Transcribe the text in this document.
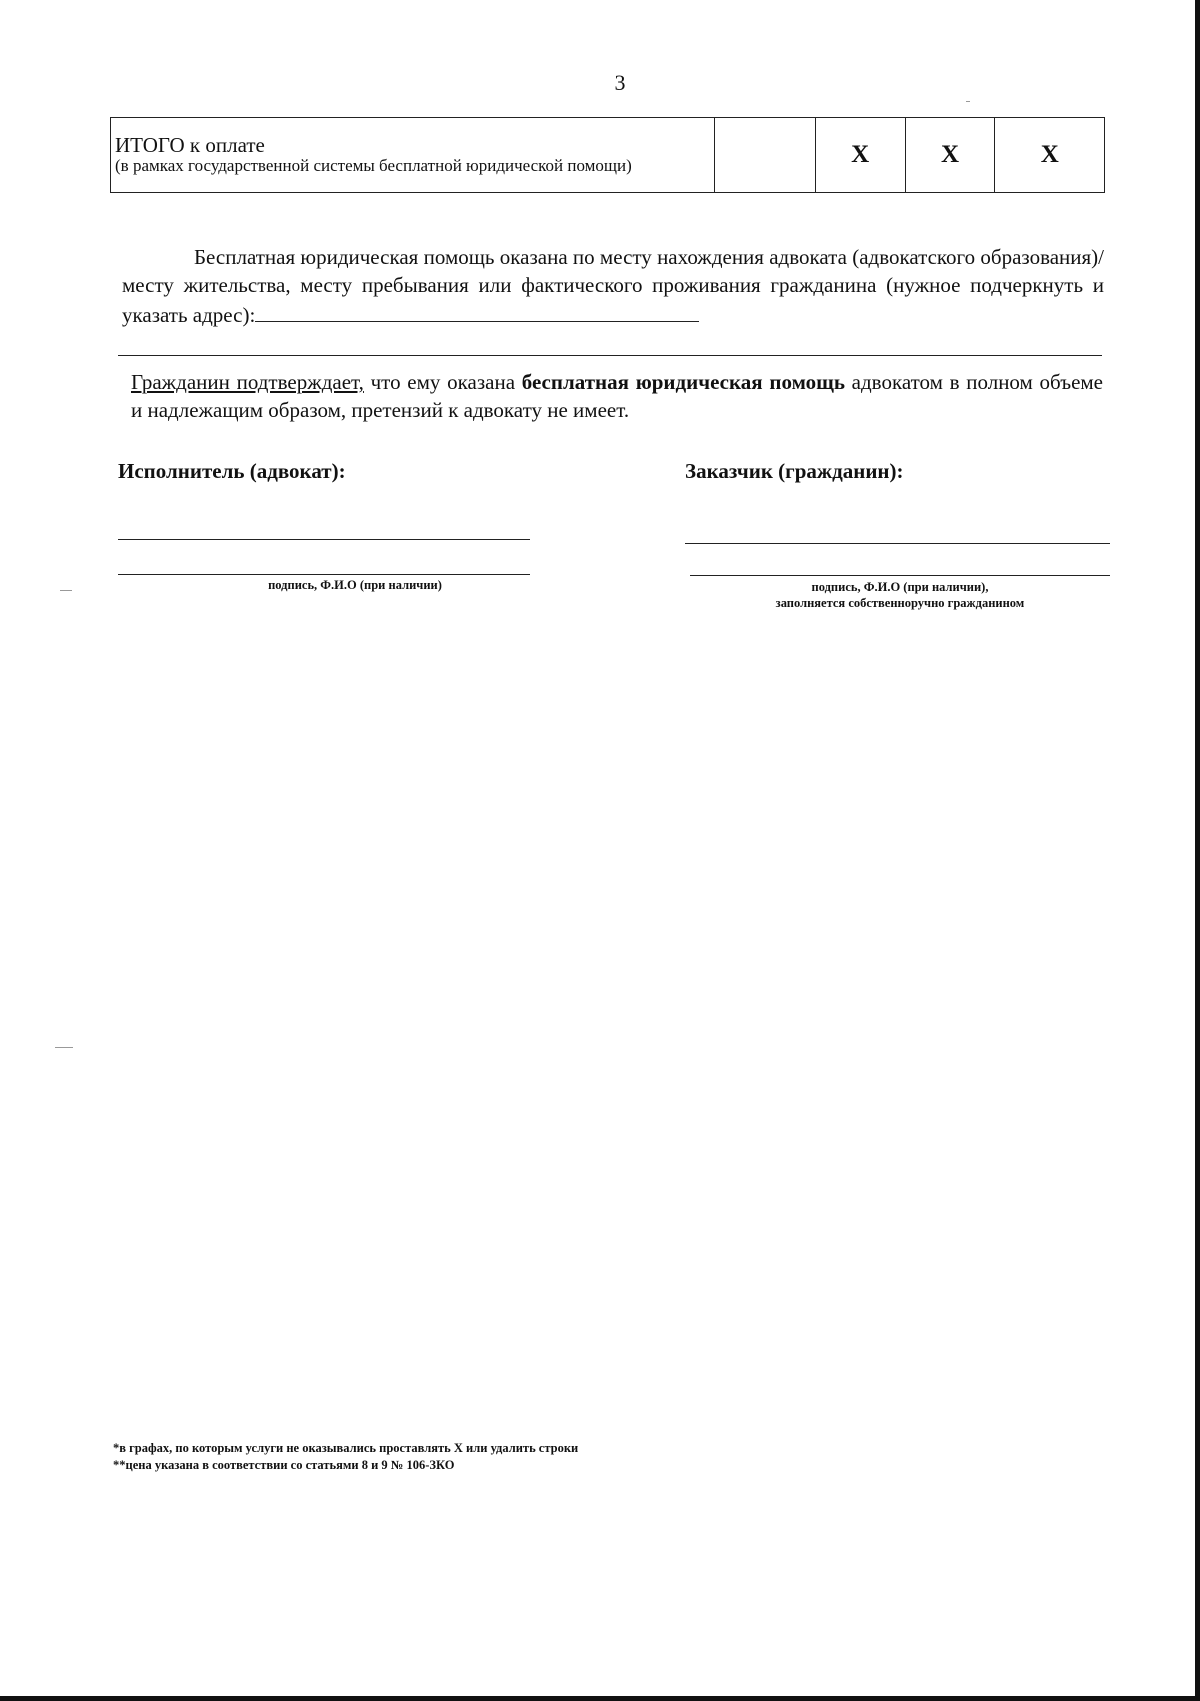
3
ИТОГО к оплате
(в рамках государственной системы бесплатной юридической помощи)		X	X	X
Бесплатная юридическая помощь оказана по месту нахождения адвоката (адвокатского образования)/ месту жительства, месту пребывания или фактического проживания гражданина (нужное подчеркнуть и указать адрес):
Гражданин подтверждает, что ему оказана бесплатная юридическая помощь адвокатом в полном объеме и надлежащим образом, претензий к адвокату не имеет.
Исполнитель (адвокат):	Заказчик (гражданин):
подпись, Ф.И.О (при наличии)	подпись, Ф.И.О (при наличии),
заполняется собственноручно гражданином
*в графах, по которым услуги не оказывались проставлять X или удалить строки
**цена указана в соответствии со статьями 8 и 9 № 106-ЗКО
